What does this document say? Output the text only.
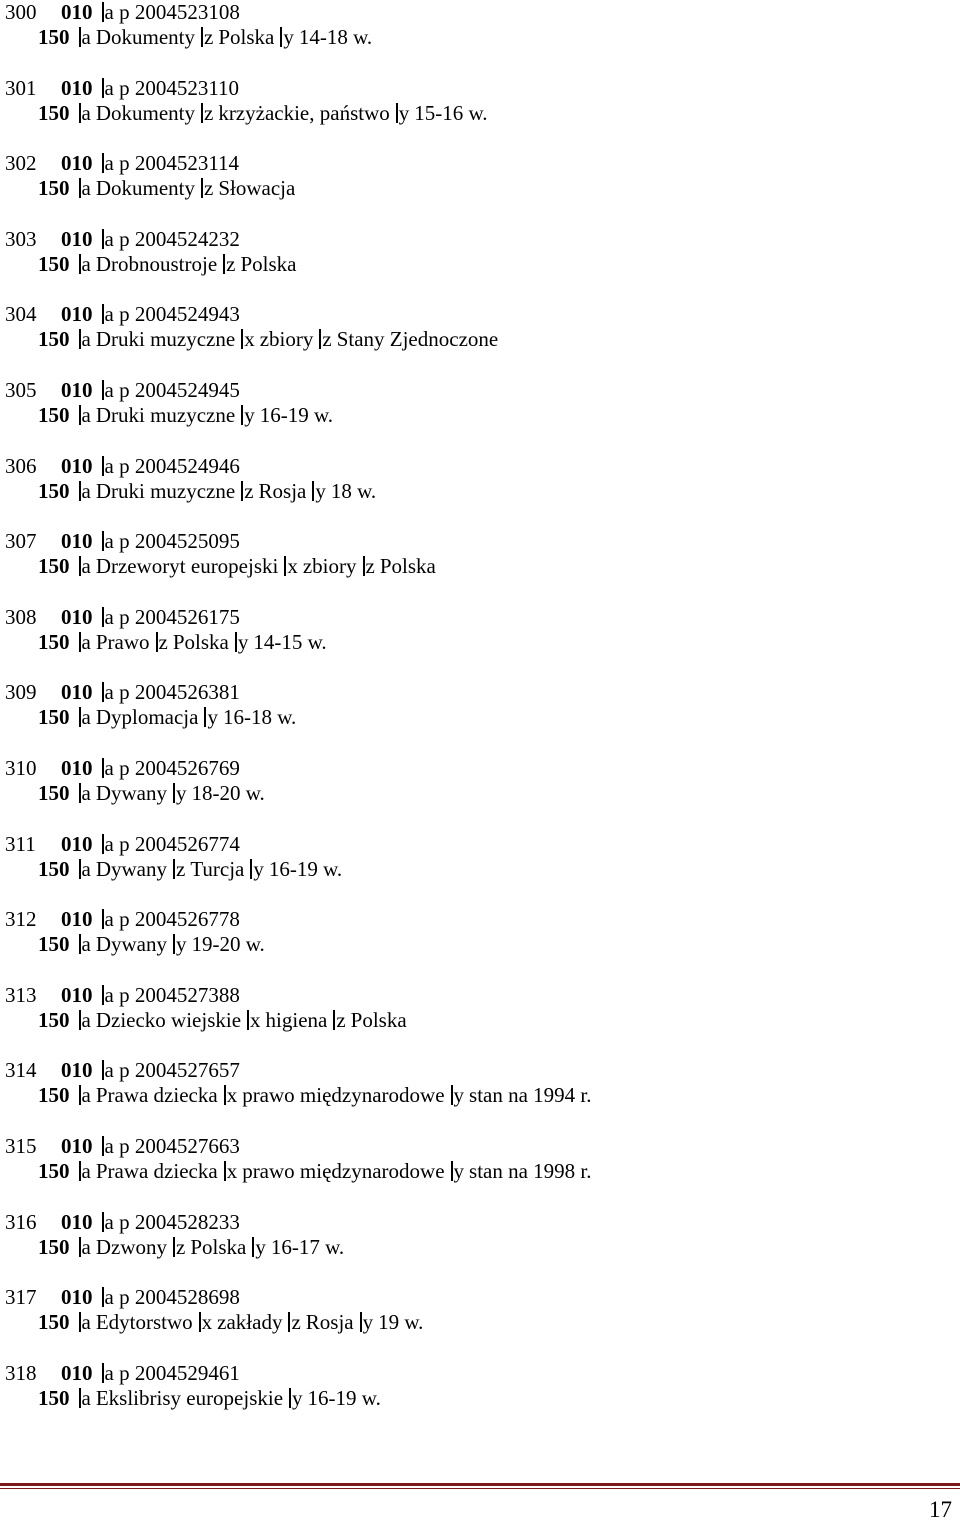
300 010 a p 2004523108
150 a Dokumenty z Polska y 14-18 w.
301 010 a p 2004523110
150 a Dokumenty z krzyżackie, państwo y 15-16 w.
302 010 a p 2004523114
150 a Dokumenty z Słowacja
303 010 a p 2004524232
150 a Drobnoustroje z Polska
304 010 a p 2004524943
150 a Druki muzyczne x zbiory z Stany Zjednoczone
305 010 a p 2004524945
150 a Druki muzyczne y 16-19 w.
306 010 a p 2004524946
150 a Druki muzyczne z Rosja y 18 w.
307 010 a p 2004525095
150 a Drzeworyt europejski x zbiory z Polska
308 010 a p 2004526175
150 a Prawo z Polska y 14-15 w.
309 010 a p 2004526381
150 a Dyplomacja y 16-18 w.
310 010 a p 2004526769
150 a Dywany y 18-20 w.
311 010 a p 2004526774
150 a Dywany z Turcja y 16-19 w.
312 010 a p 2004526778
150 a Dywany y 19-20 w.
313 010 a p 2004527388
150 a Dziecko wiejskie x higiena z Polska
314 010 a p 2004527657
150 a Prawa dziecka x prawo międzynarodowe y stan na 1994 r.
315 010 a p 2004527663
150 a Prawa dziecka x prawo międzynarodowe y stan na 1998 r.
316 010 a p 2004528233
150 a Dzwony z Polska y 16-17 w.
317 010 a p 2004528698
150 a Edytorstwo x zakłady z Rosja y 19 w.
318 010 a p 2004529461
150 a Ekslibrisy europejskie y 16-19 w.
17
